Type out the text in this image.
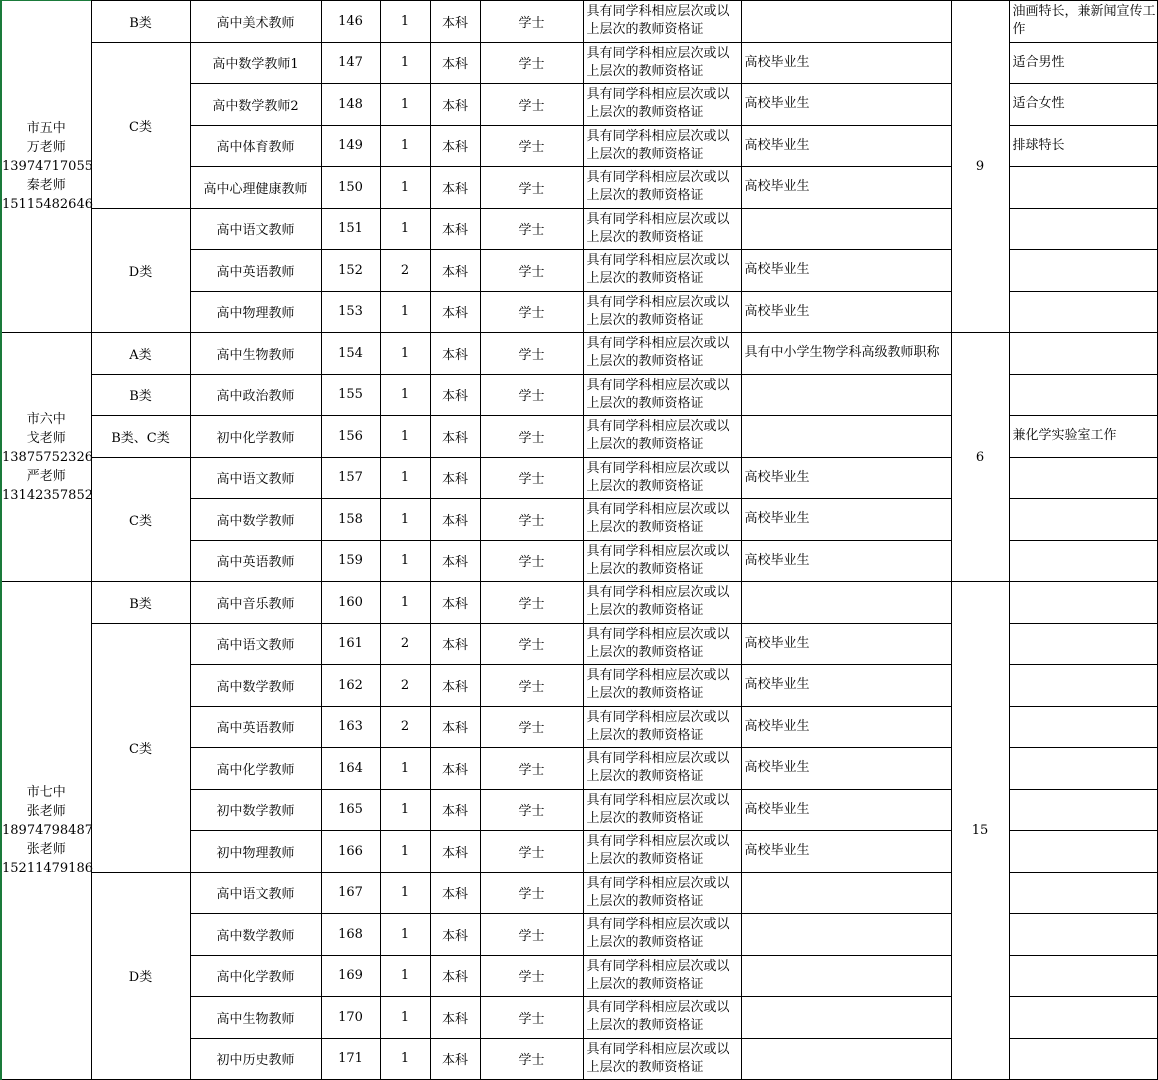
市五中
万老师
13974717055
秦老师
15115482646	B类	高中美术教师	146	1	本科	学士	具有同学科相应层次或以上层次的教师资格证		9	油画特长，兼新闻宣传工作
	C类	高中数学教师1	147	1	本科	学士	具有同学科相应层次或以上层次的教师资格证	高校毕业生		适合男性
		高中数学教师2	148	1	本科	学士	具有同学科相应层次或以上层次的教师资格证	高校毕业生		适合女性
		高中体育教师	149	1	本科	学士	具有同学科相应层次或以上层次的教师资格证	高校毕业生		排球特长
		高中心理健康教师	150	1	本科	学士	具有同学科相应层次或以上层次的教师资格证	高校毕业生		
	D类	高中语文教师	151	1	本科	学士	具有同学科相应层次或以上层次的教师资格证			
		高中英语教师	152	2	本科	学士	具有同学科相应层次或以上层次的教师资格证	高校毕业生		
		高中物理教师	153	1	本科	学士	具有同学科相应层次或以上层次的教师资格证	高校毕业生		

市六中
戈老师
13875752326
严老师
13142357852	A类	高中生物教师	154	1	本科	学士	具有同学科相应层次或以上层次的教师资格证	具有中小学生物学科高级教师职称	6	
	B类	高中政治教师	155	1	本科	学士	具有同学科相应层次或以上层次的教师资格证			
	B类、C类	初中化学教师	156	1	本科	学士	具有同学科相应层次或以上层次的教师资格证			兼化学实验室工作
	C类	高中语文教师	157	1	本科	学士	具有同学科相应层次或以上层次的教师资格证	高校毕业生		
		高中数学教师	158	1	本科	学士	具有同学科相应层次或以上层次的教师资格证	高校毕业生		
		高中英语教师	159	1	本科	学士	具有同学科相应层次或以上层次的教师资格证	高校毕业生		

市七中
张老师
18974798487
张老师
15211479186	B类	高中音乐教师	160	1	本科	学士	具有同学科相应层次或以上层次的教师资格证		15	
	C类	高中语文教师	161	2	本科	学士	具有同学科相应层次或以上层次的教师资格证	高校毕业生		
		高中数学教师	162	2	本科	学士	具有同学科相应层次或以上层次的教师资格证	高校毕业生		
		高中英语教师	163	2	本科	学士	具有同学科相应层次或以上层次的教师资格证	高校毕业生		
		高中化学教师	164	1	本科	学士	具有同学科相应层次或以上层次的教师资格证	高校毕业生		
		初中数学教师	165	1	本科	学士	具有同学科相应层次或以上层次的教师资格证	高校毕业生		
		初中物理教师	166	1	本科	学士	具有同学科相应层次或以上层次的教师资格证	高校毕业生		
	D类	高中语文教师	167	1	本科	学士	具有同学科相应层次或以上层次的教师资格证			
		高中数学教师	168	1	本科	学士	具有同学科相应层次或以上层次的教师资格证			
		高中化学教师	169	1	本科	学士	具有同学科相应层次或以上层次的教师资格证			
		高中生物教师	170	1	本科	学士	具有同学科相应层次或以上层次的教师资格证			
		初中历史教师	171	1	本科	学士	具有同学科相应层次或以上层次的教师资格证			
